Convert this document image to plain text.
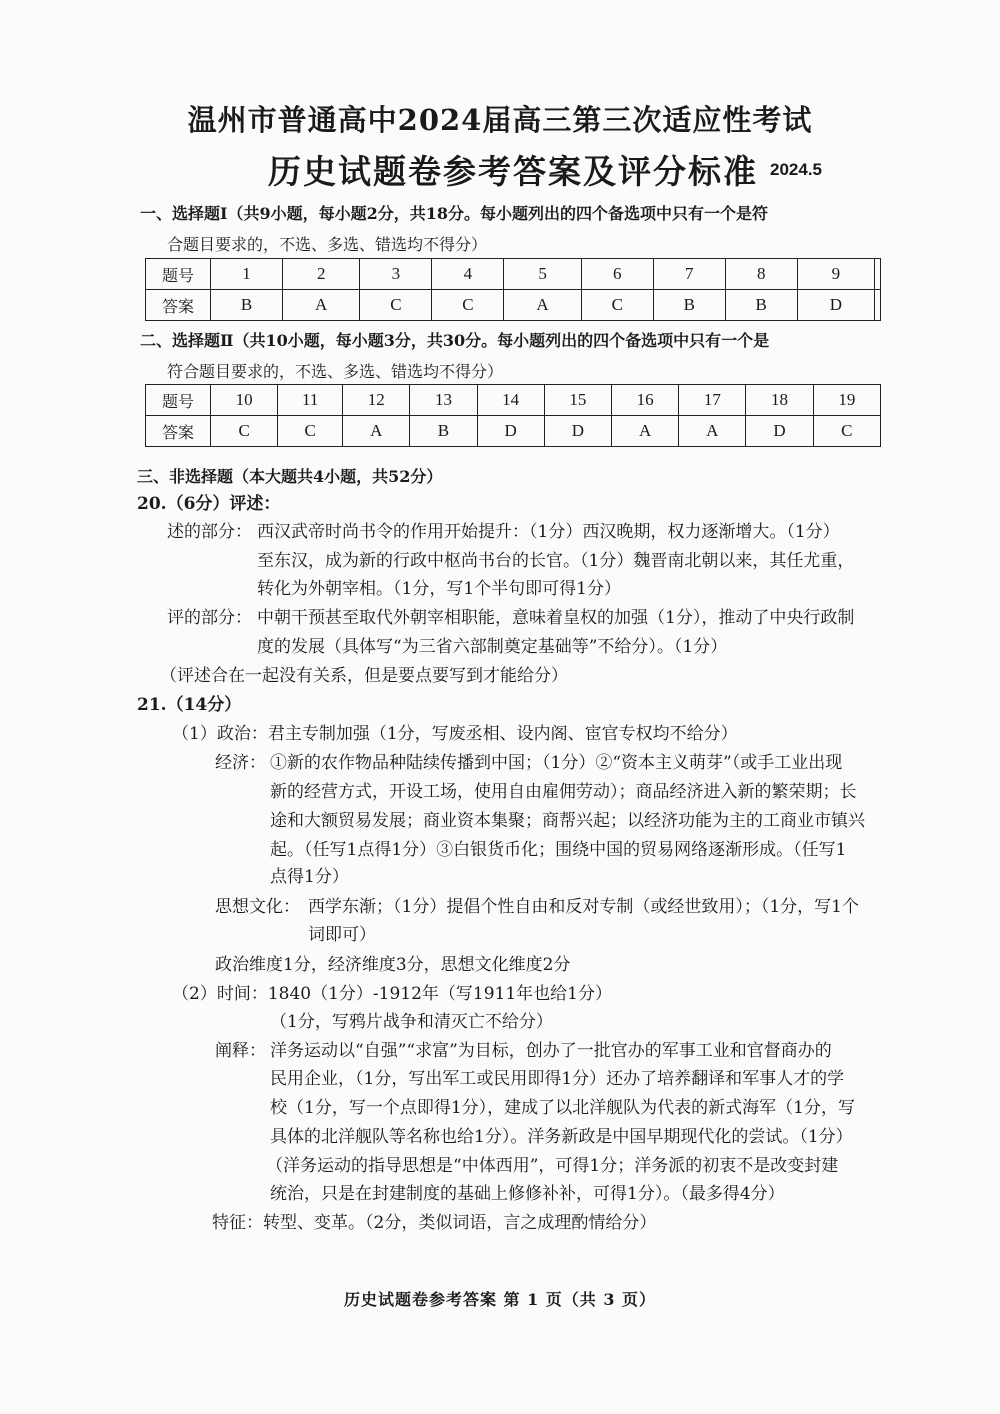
温州市普通高中2024届高三第三次适应性考试
历史试题卷参考答案及评分标准 2024.5
一、选择题Ⅰ（共9小题，每小题2分，共18分。每小题列出的四个备选项中只有一个是符
合题目要求的，不选、多选、错选均不得分）
题号	1	2	3	4	5	6	7	8	9	
答案	B	A	C	C	A	C	B	B	D	
二、选择题Ⅱ（共10小题，每小题3分，共30分。每小题列出的四个备选项中只有一个是
符合题目要求的，不选、多选、错选均不得分）
题号	10	11	12	13	14	15	16	17	18	19
答案	C	C	A	B	D	D	A	A	D	C
三、非选择题（本大题共4小题，共52分）
20.（6分）评述：
述的部分： 西汉武帝时尚书令的作用开始提升：（1分）西汉晚期，权力逐渐增大。（1分）
至东汉，成为新的行政中枢尚书台的长官。（1分）魏晋南北朝以来，其任尤重，
转化为外朝宰相。（1分，写1个半句即可得1分）
评的部分： 中朝干预甚至取代外朝宰相职能，意味着皇权的加强（1分），推动了中央行政制
度的发展（具体写“为三省六部制奠定基础等”不给分）。（1分）
（评述合在一起没有关系，但是要点要写到才能给分）
21.（14分）
（1）政治：君主专制加强（1分，写废丞相、设内阁、宦官专权均不给分）
经济： ①新的农作物品种陆续传播到中国；（1分）②“资本主义萌芽”（或手工业出现
新的经营方式，开设工场，使用自由雇佣劳动）；商品经济进入新的繁荣期；长
途和大额贸易发展；商业资本集聚；商帮兴起；以经济功能为主的工商业市镇兴
起。（任写1点得1分）③白银货币化；围绕中国的贸易网络逐渐形成。（任写1
点得1分）
思想文化： 西学东渐；（1分）提倡个性自由和反对专制（或经世致用）；（1分，写1个
词即可）
政治维度1分，经济维度3分，思想文化维度2分
（2）时间：1840（1分）-1912年（写1911年也给1分）
（1分，写鸦片战争和清灭亡不给分）
阐释： 洋务运动以“自强”“求富”为目标，创办了一批官办的军事工业和官督商办的
民用企业，（1分，写出军工或民用即得1分）还办了培养翻译和军事人才的学
校（1分，写一个点即得1分），建成了以北洋舰队为代表的新式海军（1分，写
具体的北洋舰队等名称也给1分）。洋务新政是中国早期现代化的尝试。（1分）
（洋务运动的指导思想是“中体西用”，可得1分；洋务派的初衷不是改变封建
统治，只是在封建制度的基础上修修补补，可得1分）。（最多得4分）
特征：转型、变革。（2分，类似词语，言之成理酌情给分）
历史试题卷参考答案 第 1 页（共 3 页）
